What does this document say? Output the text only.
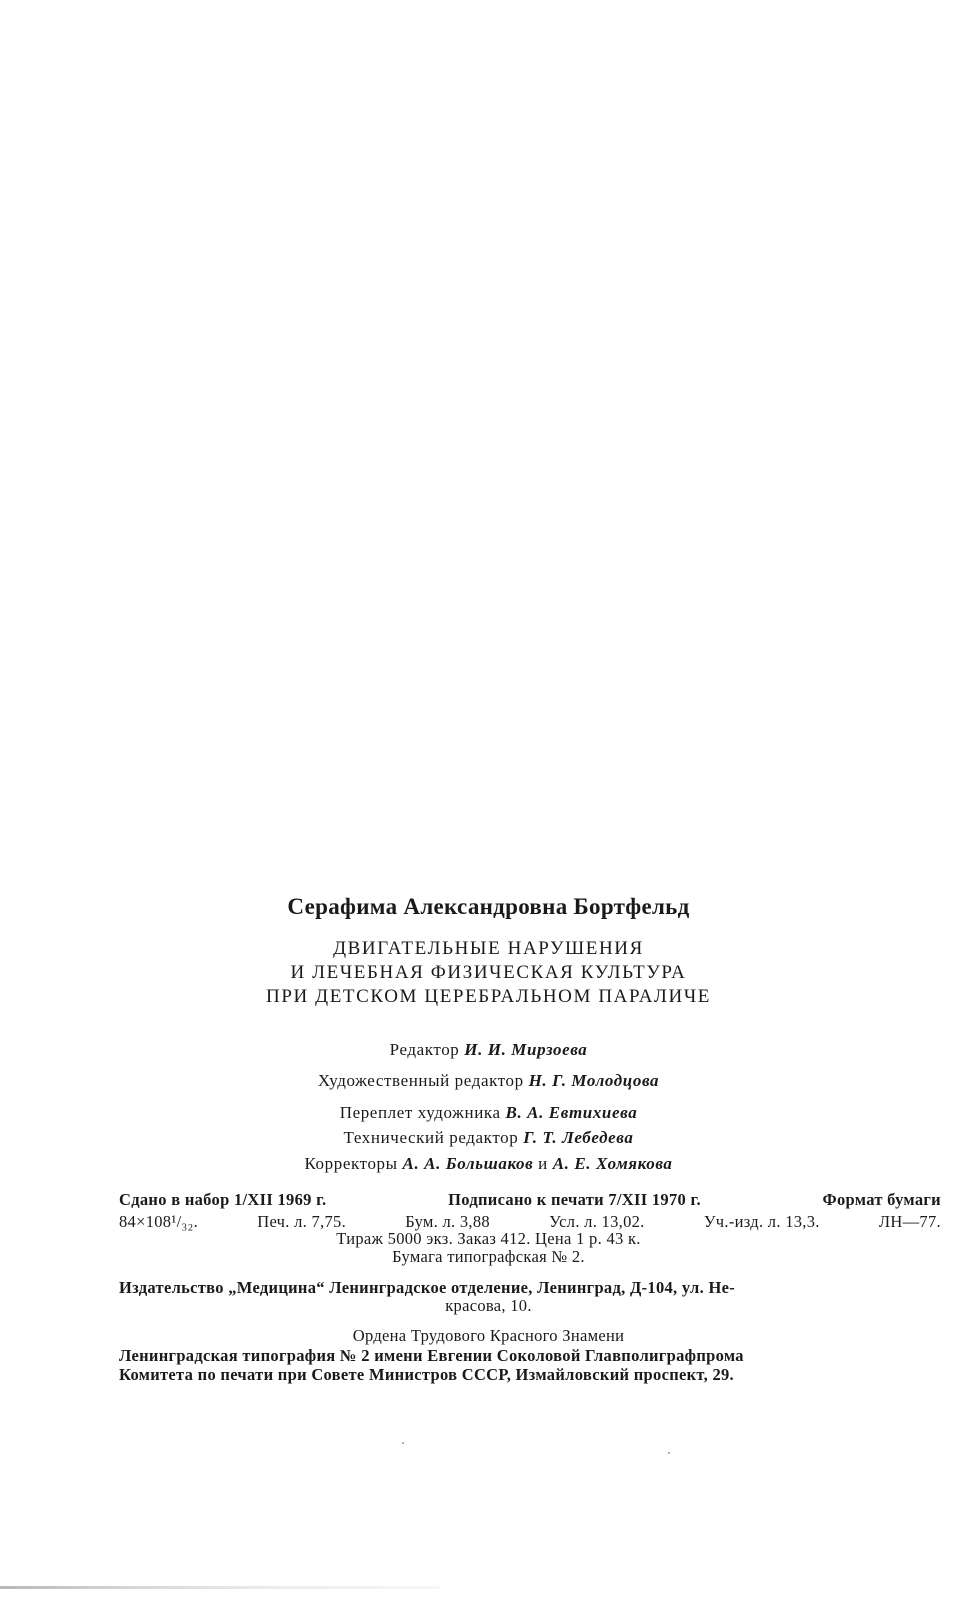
Серафима Александровна Бортфельд
ДВИГАТЕЛЬНЫЕ НАРУШЕНИЯ
И ЛЕЧЕБНАЯ ФИЗИЧЕСКАЯ КУЛЬТУРА
ПРИ ДЕТСКОМ ЦЕРЕБРАЛЬНОМ ПАРАЛИЧЕ
Редактор И. И. Мирзоева
Художественный редактор Н. Г. Молодцова
Переплет художника В. А. Евтихиева
Технический редактор Г. Т. Лебедева
Корректоры А. А. Большаков и А. Е. Хомякова
Сдано в набор 1/XII 1969 г.	Подписано к печати 7/XII 1970 г.	Формат бумаги
84×108¹/₃₂.	Печ. л. 7,75.	Бум. л. 3,88	Усл. л. 13,02.	Уч.-изд. л. 13,3.	ЛН—77.
Тираж 5000 экз. Заказ 412. Цена 1 р. 43 к.
Бумага типографская № 2.
Издательство „Медицина“ Ленинградское отделение, Ленинград, Д-104, ул. Не-
красова, 10.
Ордена Трудового Красного Знамени
Ленинградская типография № 2 имени Евгении Соколовой Главполиграфпрома
Комитета по печати при Совете Министров СССР, Измайловский проспект, 29.
